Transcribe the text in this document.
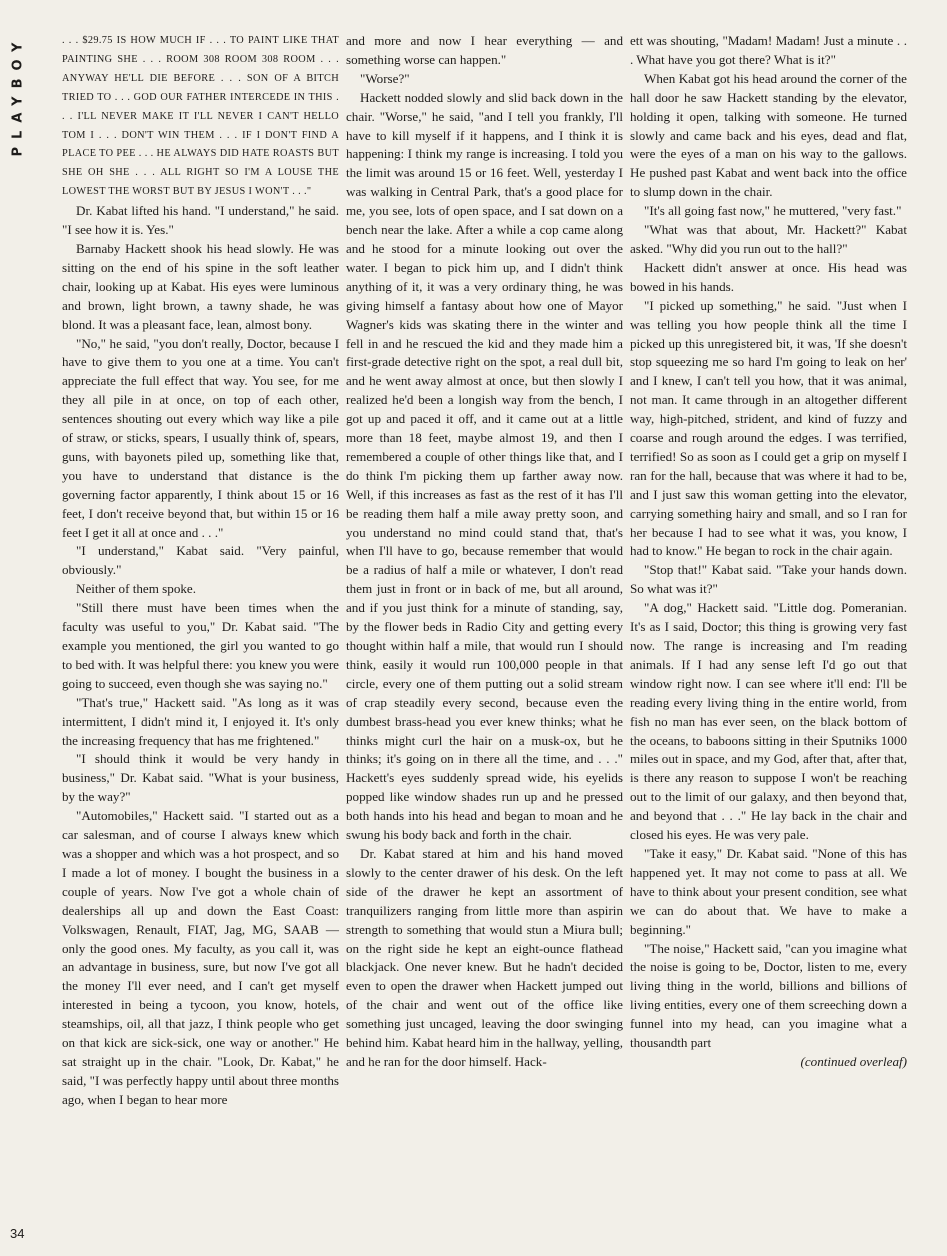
PLAYBOY
34

. . . $29.75 IS HOW MUCH IF . . . TO PAINT LIKE THAT PAINTING SHE . . . ROOM 308 ROOM 308 ROOM . . . ANYWAY HE'LL DIE BEFORE . . . SON OF A BITCH TRIED TO . . . GOD OUR FATHER INTERCEDE IN THIS . . . I'LL NEVER MAKE IT I'LL NEVER I CAN'T HELLO TOM I . . . DON'T WIN THEM . . . IF I DON'T FIND A PLACE TO PEE . . . HE ALWAYS DID HATE ROASTS BUT SHE OH SHE . . . ALL RIGHT SO I'M A LOUSE THE LOWEST THE WORST BUT BY JESUS I WON'T . . ."

Dr. Kabat lifted his hand. "I understand," he said. "I see how it is. Yes."

Barnaby Hackett shook his head slowly. He was sitting on the end of his spine in the soft leather chair, looking up at Kabat. His eyes were luminous and brown, light brown, a tawny shade, he was blond. It was a pleasant face, lean, almost bony.

"No," he said, "you don't really, Doctor, because I have to give them to you one at a time. You can't appreciate the full effect that way. You see, for me they all pile in at once, on top of each other, sentences shouting out every which way like a pile of straw, or sticks, spears, I usually think of, spears, guns, with bayonets piled up, something like that, you have to understand that distance is the governing factor apparently, I think about 15 or 16 feet, I don't receive beyond that, but within 15 or 16 feet I get it all at once and . . ."

"I understand," Kabat said. "Very painful, obviously."

Neither of them spoke.

"Still there must have been times when the faculty was useful to you," Dr. Kabat said. "The example you mentioned, the girl you wanted to go to bed with. It was helpful there: you knew you were going to succeed, even though she was saying no."

"That's true," Hackett said. "As long as it was intermittent, I didn't mind it, I enjoyed it. It's only the increasing frequency that has me frightened."

"I should think it would be very handy in business," Dr. Kabat said. "What is your business, by the way?"

"Automobiles," Hackett said. "I started out as a car salesman, and of course I always knew which was a shopper and which was a hot prospect, and so I made a lot of money. I bought the business in a couple of years. Now I've got a whole chain of dealerships all up and down the East Coast: Volkswagen, Renault, FIAT, Jag, MG, SAAB — only the good ones. My faculty, as you call it, was an advantage in business, sure, but now I've got all the money I'll ever need, and I can't get myself interested in being a tycoon, you know, hotels, steamships, oil, all that jazz, I think people who get on that kick are sick-sick, one way or another." He sat straight up in the chair. "Look, Dr. Kabat," he said, "I was perfectly happy until about three months ago, when I began to hear more

and more and now I hear everything — and something worse can happen."

"Worse?"

Hackett nodded slowly and slid back down in the chair. "Worse," he said, "and I tell you frankly, I'll have to kill myself if it happens, and I think it is happening: I think my range is increasing. I told you the limit was around 15 or 16 feet. Well, yesterday I was walking in Central Park, that's a good place for me, you see, lots of open space, and I sat down on a bench near the lake. After a while a cop came along and he stood for a minute looking out over the water. I began to pick him up, and I didn't think anything of it, it was a very ordinary thing, he was giving himself a fantasy about how one of Mayor Wagner's kids was skating there in the winter and fell in and he rescued the kid and they made him a first-grade detective right on the spot, a real dull bit, and he went away almost at once, but then slowly I realized he'd been a longish way from the bench, I got up and paced it off, and it came out at a little more than 18 feet, maybe almost 19, and then I remembered a couple of other things like that, and I do think I'm picking them up farther away now. Well, if this increases as fast as the rest of it has I'll be reading them half a mile away pretty soon, and you understand no mind could stand that, that's when I'll have to go, because remember that would be a radius of half a mile or whatever, I don't read them just in front or in back of me, but all around, and if you just think for a minute of standing, say, by the flower beds in Radio City and getting every thought within half a mile, that would run I should think, easily it would run 100,000 people in that circle, every one of them putting out a solid stream of crap steadily every second, because even the dumbest brass-head you ever knew thinks; what he thinks might curl the hair on a musk-ox, but he thinks; it's going on in there all the time, and . . ." Hackett's eyes suddenly spread wide, his eyelids popped like window shades run up and he pressed both hands into his head and began to moan and he swung his body back and forth in the chair.

Dr. Kabat stared at him and his hand moved slowly to the center drawer of his desk. On the left side of the drawer he kept an assortment of tranquilizers ranging from little more than aspirin strength to something that would stun a Miura bull; on the right side he kept an eight-ounce flathead blackjack. One never knew. But he hadn't decided even to open the drawer when Hackett jumped out of the chair and went out of the office like something just uncaged, leaving the door swinging behind him. Kabat heard him in the hallway, yelling, and he ran for the door himself. Hack-

ett was shouting, "Madam! Madam! Just a minute . . . What have you got there? What is it?"

When Kabat got his head around the corner of the hall door he saw Hackett standing by the elevator, holding it open, talking with someone. He turned slowly and came back and his eyes, dead and flat, were the eyes of a man on his way to the gallows. He pushed past Kabat and went back into the office to slump down in the chair.

"It's all going fast now," he muttered, "very fast."

"What was that about, Mr. Hackett?" Kabat asked. "Why did you run out to the hall?"

Hackett didn't answer at once. His head was bowed in his hands.

"I picked up something," he said. "Just when I was telling you how people think all the time I picked up this unregistered bit, it was, 'If she doesn't stop squeezing me so hard I'm going to leak on her' and I knew, I can't tell you how, that it was animal, not man. It came through in an altogether different way, high-pitched, strident, and kind of fuzzy and coarse and rough around the edges. I was terrified, terrified! So as soon as I could get a grip on myself I ran for the hall, because that was where it had to be, and I just saw this woman getting into the elevator, carrying something hairy and small, and so I ran for her because I had to see what it was, you know, I had to know." He began to rock in the chair again.

"Stop that!" Kabat said. "Take your hands down. So what was it?"

"A dog," Hackett said. "Little dog. Pomeranian. It's as I said, Doctor; this thing is growing very fast now. The range is increasing and I'm reading animals. If I had any sense left I'd go out that window right now. I can see where it'll end: I'll be reading every living thing in the entire world, from fish no man has ever seen, on the black bottom of the oceans, to baboons sitting in their Sputniks 1000 miles out in space, and my God, after that, after that, is there any reason to suppose I won't be reaching out to the limit of our galaxy, and then beyond that, and beyond that . . ." He lay back in the chair and closed his eyes. He was very pale.

"Take it easy," Dr. Kabat said. "None of this has happened yet. It may not come to pass at all. We have to think about your present condition, see what we can do about that. We have to make a beginning."

"The noise," Hackett said, "can you imagine what the noise is going to be, Doctor, listen to me, every living thing in the world, billions and billions of living entities, every one of them screeching down a funnel into my head, can you imagine what a thousandth part

(continued overleaf)
